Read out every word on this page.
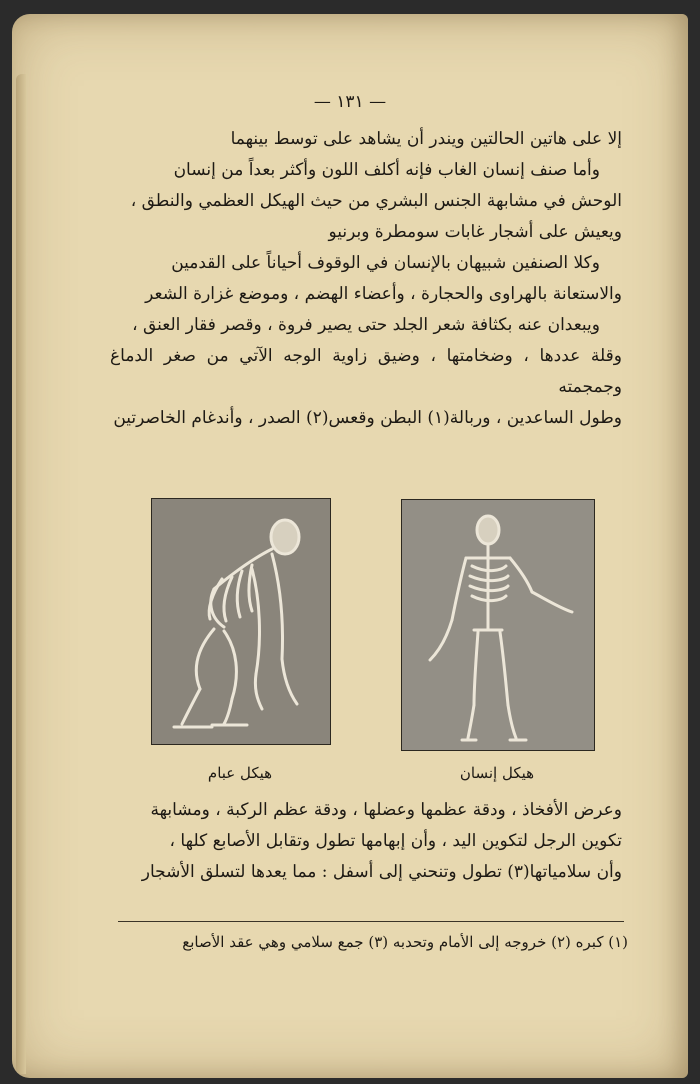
— ١٣١ —

إلا على هاتين الحالتين ويندر أن يشاهد على توسط بينهما

وأما صنف إنسان الغاب فإنه أكلف اللون وأكثر بعداً من إنسان

الوحش في مشابهة الجنس البشري من حيث الهيكل العظمي والنطق ،

ويعيش على أشجار غابات سومطرة وبرنيو

وكلا الصنفين شبيهان بالإنسان في الوقوف أحياناً على القدمين

والاستعانة بالهراوى والحجارة ، وأعضاء الهضم ، وموضع غزارة الشعر

ويبعدان عنه بكثافة شعر الجلد حتى يصير فروة ، وقصر فقار العنق ،

وقلة عددها ، وضخامتها ، وضيق زاوية الوجه الآتي من صغر الدماغ وجمجمته

وطول الساعدين ، وربالة(١) البطن وقعس(٢) الصدر ، وأندغام الخاصرتين

هيكل عبام	هيكل إنسان

وعرض الأفخاذ ، ودقة عظمها وعضلها ، ودقة عظم الركبة ، ومشابهة

تكوين الرجل لتكوين اليد ، وأن إبهامها تطول وتقابل الأصابع كلها ،

وأن سلامياتها(٣) تطول وتنحني إلى أسفل : مما يعدها لتسلق الأشجار

(١) كبره (٢) خروجه إلى الأمام وتحدبه (٣) جمع سلامي وهي عقد الأصابع
